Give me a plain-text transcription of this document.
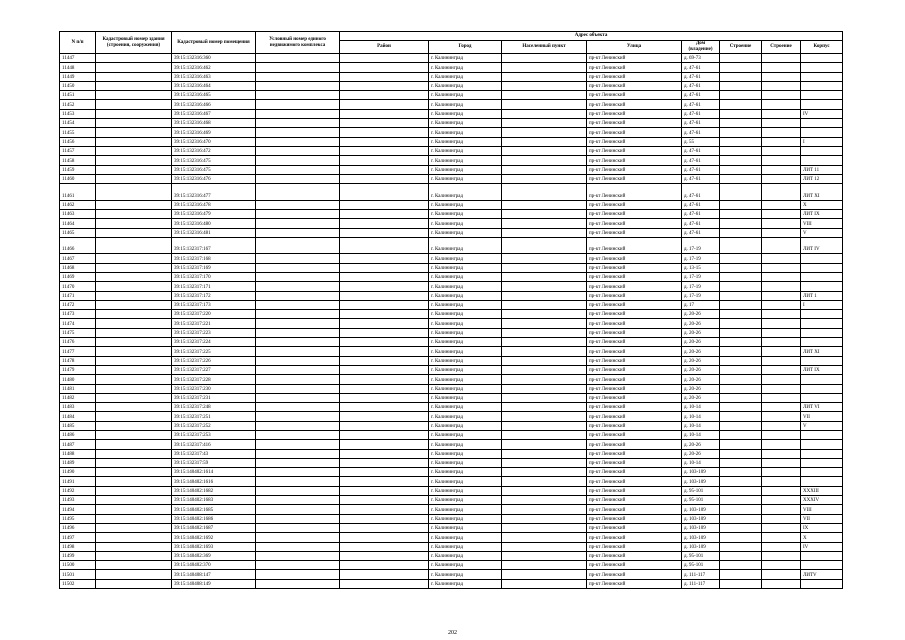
N п/п	Кадастровый номер здания (строения, сооружения)	Кадастровый номер помещения	Условный номер единого недвижимого комплекса	Адрес объекта							
				Район	Город	Населенный пункт	Улица	Дом (владение)	Строение	Строение	Корпус
11447		39:15:132316:360			г. Калининград		пр-кт Ленинский	д. 69-73			
11448		39:15:132316:462			г. Калининград		пр-кт Ленинский	д. 47-61			
11449		39:15:132316:463			г. Калининград		пр-кт Ленинский	д. 47-61			
11450		39:15:132316:464			г. Калининград		пр-кт Ленинский	д. 47-61			
11451		39:15:132316:465			г. Калининград		пр-кт Ленинский	д. 47-61			
11452		39:15:132316:466			г. Калининград		пр-кт Ленинский	д. 47-61			
11453		39:15:132316:467			г. Калининград		пр-кт Ленинский	д. 47-61			IV
11454		39:15:132316:468			г. Калининград		пр-кт Ленинский	д. 47-61			
11455		39:15:132316:469			г. Калининград		пр-кт Ленинский	д. 47-61			
11456		39:15:132316:470			г. Калининград		пр-кт Ленинский	д. 55			I
11457		39:15:132316:472			г. Калининград		пр-кт Ленинский	д. 47-61			
11458		39:15:132316:475			г. Калининград		пр-кт Ленинский	д. 47-61			
11459		39:15:132316:475			г. Калининград		пр-кт Ленинский	д. 47-61			ЛИТ 11
11460		39:15:132316:476			г. Калининград		пр-кт Ленинский	д. 47-61			ЛИТ 12
11461		39:15:132316:477			г. Калининград		пр-кт Ленинский	д. 47-61			ЛИТ XI
11462		39:15:132316:478			г. Калининград		пр-кт Ленинский	д. 47-61			X
11463		39:15:132316:479			г. Калининград		пр-кт Ленинский	д. 47-61			ЛИТ IX
11464		39:15:132316:480			г. Калининград		пр-кт Ленинский	д. 47-61			VIII
11465		39:15:132316:481			г. Калининград		пр-кт Ленинский	д. 47-61			V
11466		39:15:132317:167			г. Калининград		пр-кт Ленинский	д. 17-19			ЛИТ IV
11467		39:15:132317:168			г. Калининград		пр-кт Ленинский	д. 17-19			
11468		39:15:132317:169			г. Калининград		пр-кт Ленинский	д. 13-15			
11469		39:15:132317:170			г. Калининград		пр-кт Ленинский	д. 17-19			
11470		39:15:132317:171			г. Калининград		пр-кт Ленинский	д. 17-19			
11471		39:15:132317:172			г. Калининград		пр-кт Ленинский	д. 17-19			ЛИТ 1
11472		39:15:132317:173			г. Калининград		пр-кт Ленинский	д. 17			I
11473		39:15:132317:220			г. Калининград		пр-кт Ленинский	д. 20-26			
11474		39:15:132317:221			г. Калининград		пр-кт Ленинский	д. 20-26			
11475		39:15:132317:223			г. Калининград		пр-кт Ленинский	д. 20-26			
11476		39:15:132317:224			г. Калининград		пр-кт Ленинский	д. 20-26			
11477		39:15:132317:225			г. Калининград		пр-кт Ленинский	д. 20-26			ЛИТ XI
11478		39:15:132317:226			г. Калининград		пр-кт Ленинский	д. 20-26			
11479		39:15:132317:227			г. Калининград		пр-кт Ленинский	д. 20-26			ЛИТ IX
11480		39:15:132317:228			г. Калининград		пр-кт Ленинский	д. 20-26			
11481		39:15:132317:230			г. Калининград		пр-кт Ленинский	д. 20-26			
11482		39:15:132317:231			г. Калининград		пр-кт Ленинский	д. 20-26			
11483		39:15:132317:248			г. Калининград		пр-кт Ленинский	д. 10-14			ЛИТ VI
11484		39:15:132317:251			г. Калининград		пр-кт Ленинский	д. 10-14			VII
11485		39:15:132317:252			г. Калининград		пр-кт Ленинский	д. 10-14			V
11486		39:15:132317:253			г. Калининград		пр-кт Ленинский	д. 10-14			
11487		39:15:132317:416			г. Калининград		пр-кт Ленинский	д. 20-26			
11488		39:15:132317:43			г. Калининград		пр-кт Ленинский	д. 20-26			
11489		39:15:132317:59			г. Калининград		пр-кт Ленинский	д. 10-14			
11490		39:15:140402:1614			г. Калининград		пр-кт Ленинский	д. 103-109			
11491		39:15:140402:1616			г. Калининград		пр-кт Ленинский	д. 103-109			
11492		39:15:140402:1682			г. Калининград		пр-кт Ленинский	д. 95-101			XXXIII
11493		39:15:140402:1683			г. Калининград		пр-кт Ленинский	д. 95-101			XXXIV
11494		39:15:140402:1685			г. Калининград		пр-кт Ленинский	д. 103-109			VIII
11495		39:15:140402:1686			г. Калининград		пр-кт Ленинский	д. 103-109			VII
11496		39:15:140402:1687			г. Калининград		пр-кт Ленинский	д. 103-109			IX
11497		39:15:140402:1692			г. Калининград		пр-кт Ленинский	д. 103-109			X
11498		39:15:140402:1693			г. Калининград		пр-кт Ленинский	д. 103-109			IV
11499		39:15:140402:369			г. Калининград		пр-кт Ленинский	д. 95-101			
11500		39:15:140402:370			г. Калининград		пр-кт Ленинский	д. 95-101			
11501		39:15:140408:147			г. Калининград		пр-кт Ленинский	д. 111-117			ЛИТV
11502		39:15:140408:149			г. Калининград		пр-кт Ленинский	д. 111-117			
202
